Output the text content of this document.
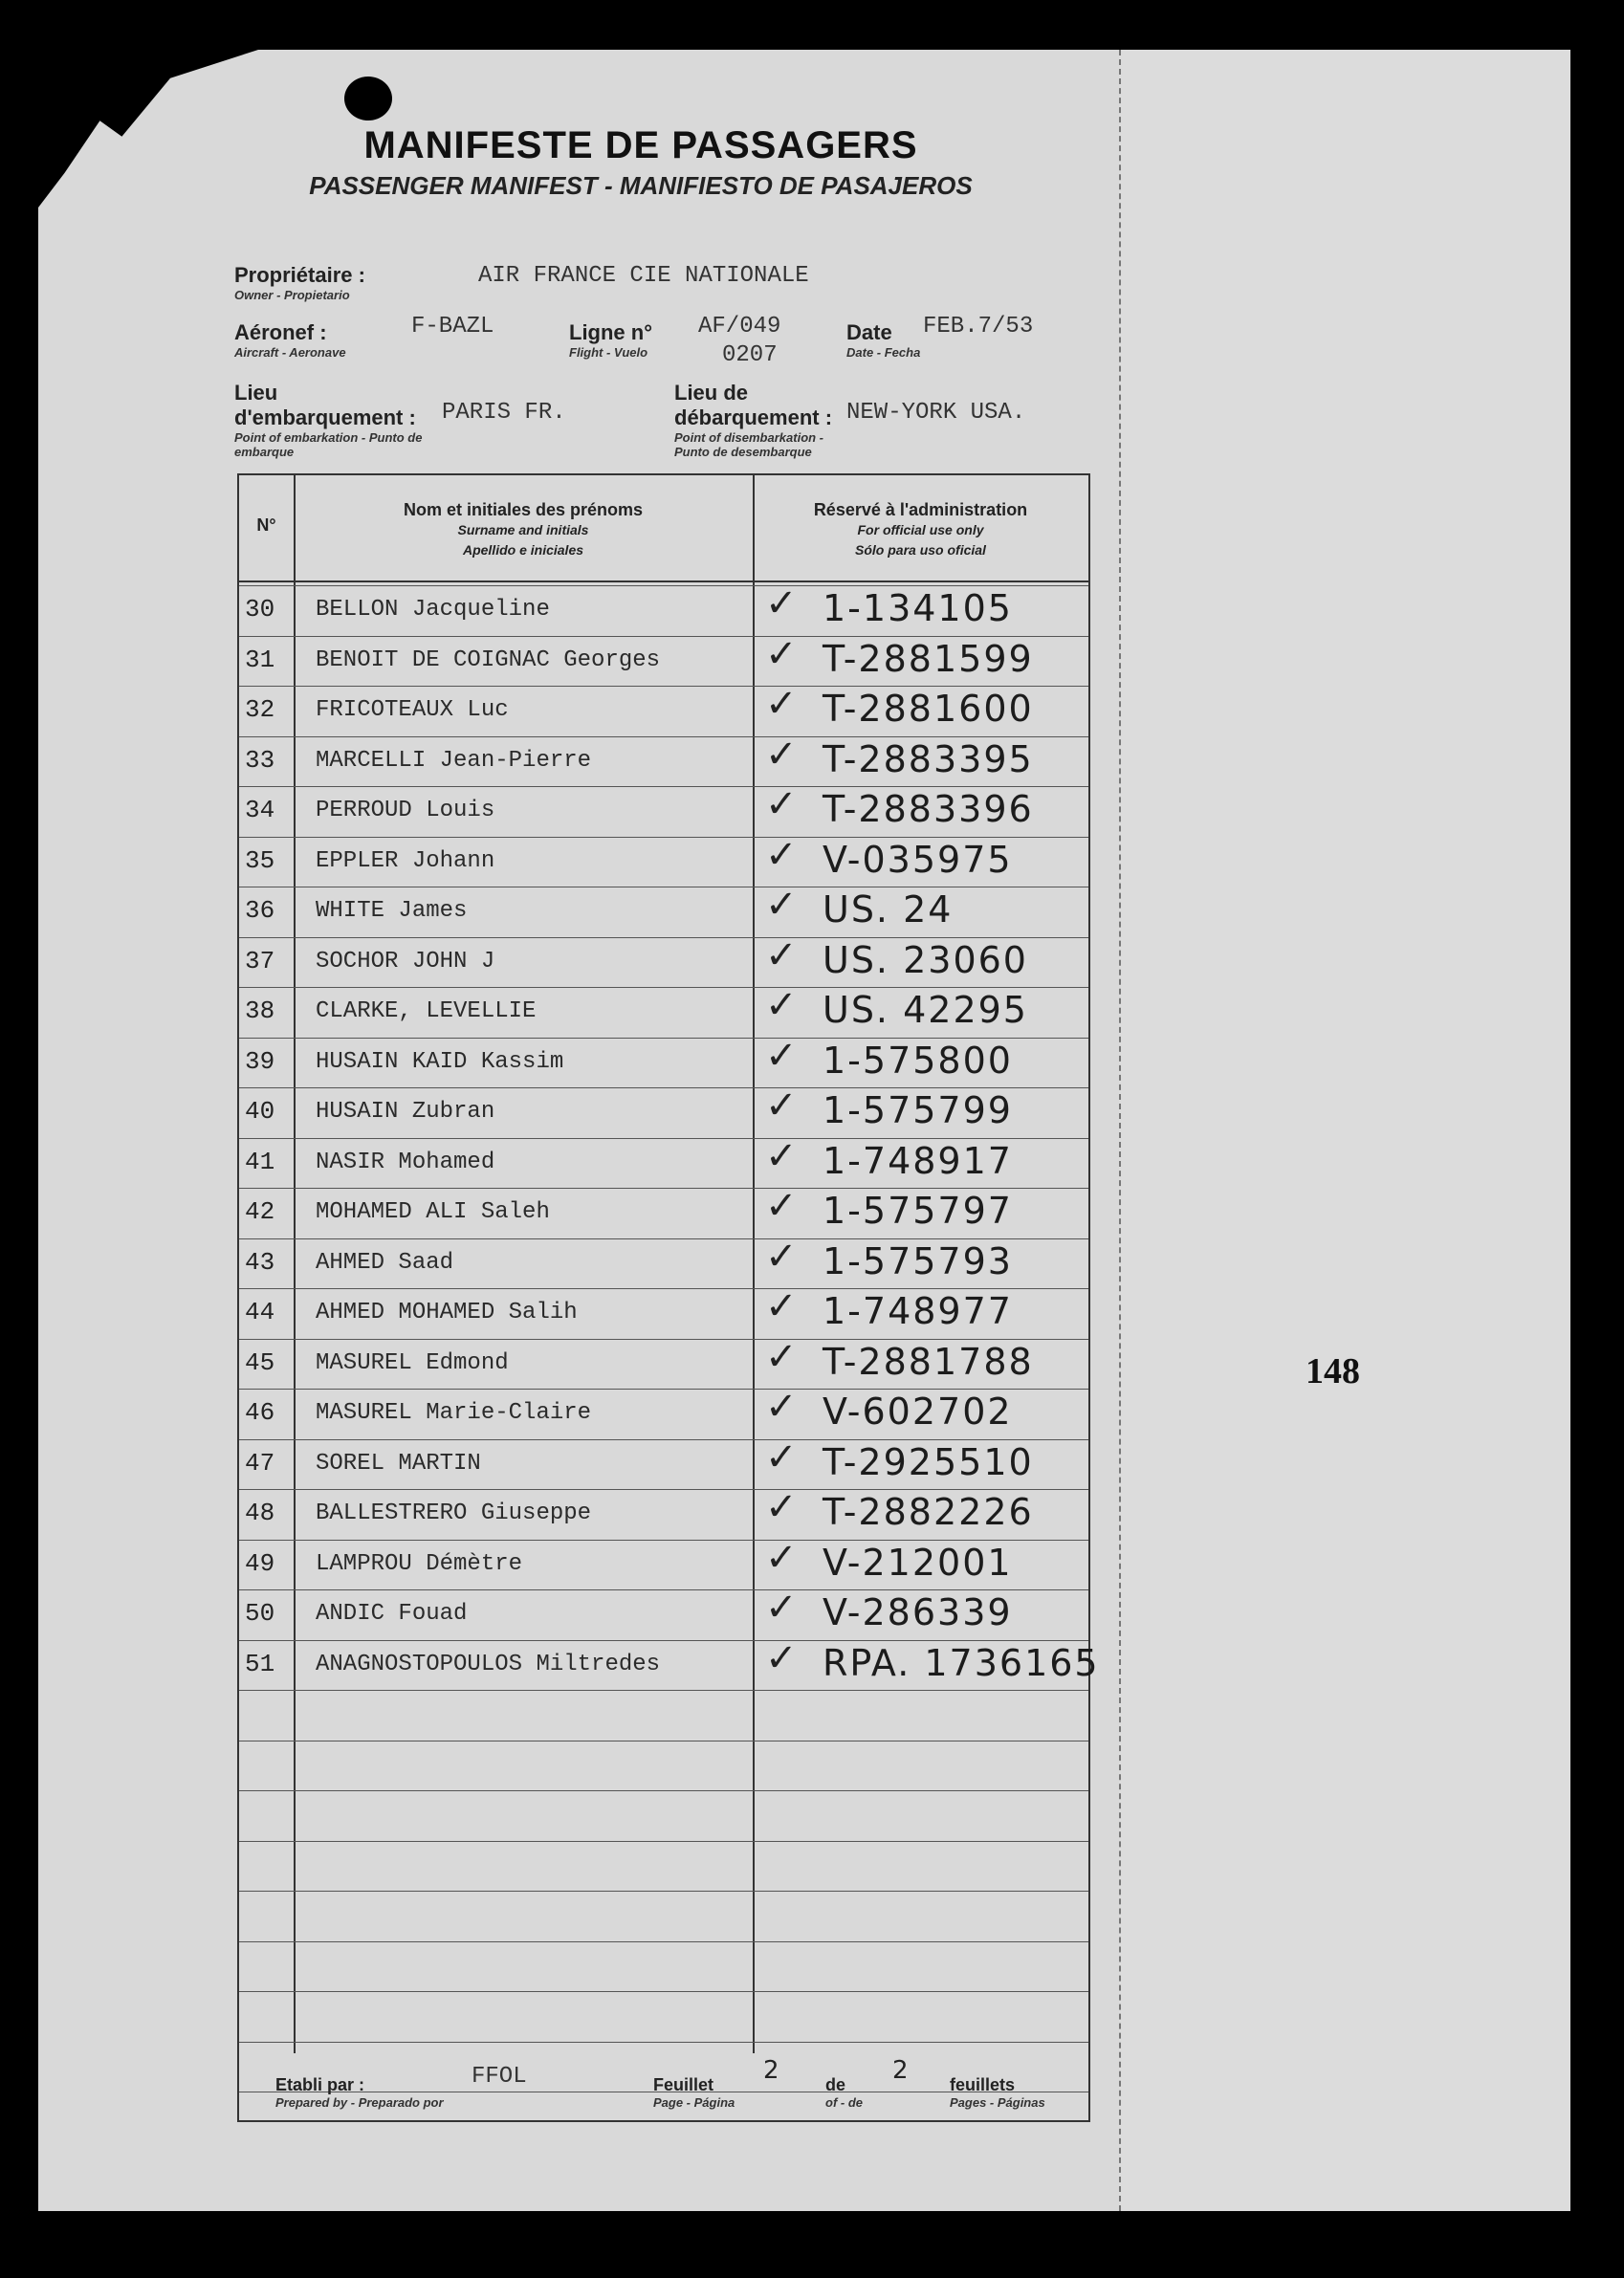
MANIFESTE DE PASSAGERS
PASSENGER MANIFEST - MANIFIESTO DE PASAJEROS
Propriétaire :
Owner - Propietario
AIR FRANCE CIE NATIONALE
Aéronef :
Aircraft - Aeronave
F-BAZL	Ligne n°
Flight - Vuelo
AF/049
0207
Date
Date - Fecha
FEB.7/53
Lieu d'embarquement :
Point of embarkation - Punto de embarque
PARIS FR.
Lieu de débarquement :
Point of disembarkation - Punto de desembarque
NEW-YORK USA.
N°
Nom et initiales des prénoms
Surname and initials
Apellido e iniciales
Réservé à l'administration
For official use only
Sólo para uso oficial
30 BELLON Jacqueline	✓ 1-134105
31 BENOIT DE COIGNAC Georges	✓ T-2881599
32 FRICOTEAUX Luc	✓ T-2881600
33 MARCELLI Jean-Pierre	✓ T-2883395
34 PERROUD Louis	✓ T-2883396
35 EPPLER Johann	✓ V-035975
36 WHITE James	✓ US. 24
37 SOCHOR JOHN J	✓ US. 23060
38 CLARKE, LEVELLIE	✓ US. 42295
39 HUSAIN KAID Kassim	✓ 1-575800
40 HUSAIN Zubran	✓ 1-575799
41 NASIR Mohamed	✓ 1-748917
42 MOHAMED ALI Saleh	✓ 1-575797
43 AHMED Saad	✓ 1-575793
44 AHMED MOHAMED Salih	✓ 1-748977
45 MASUREL Edmond	✓ T-2881788
46 MASUREL Marie-Claire	✓ V-602702
47 SOREL MARTIN	✓ T-2925510
48 BALLESTRERO Giuseppe	✓ T-2882226
49 LAMPROU Démètre	✓ V-212001
50 ANDIC Fouad	✓ V-286339
51 ANAGNOSTOPOULOS Miltredes	✓ RPA. 1736165
Etabli par :
Prepared by - Preparado por
FFOL	Feuillet
Page - Página
2	de
of - de
2 feuillets
Pages - Páginas
148
